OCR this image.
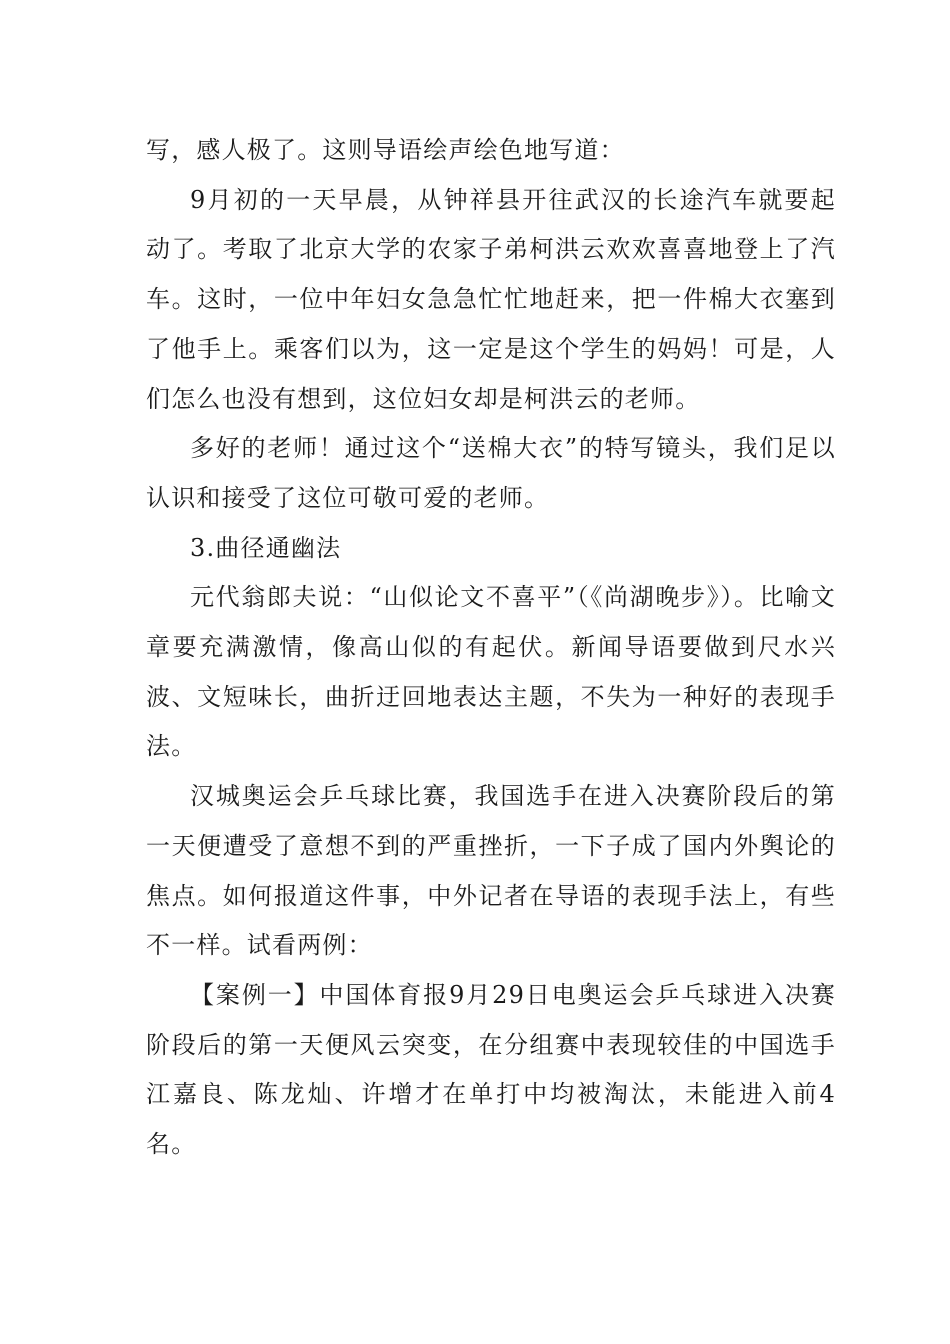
写，感人极了。这则导语绘声绘色地写道：

9月初的一天早晨，从钟祥县开往武汉的长途汽车就要起动了。考取了北京大学的农家子弟柯洪云欢欢喜喜地登上了汽车。这时，一位中年妇女急急忙忙地赶来，把一件棉大衣塞到了他手上。乘客们以为，这一定是这个学生的妈妈！可是，人们怎么也没有想到，这位妇女却是柯洪云的老师。

多好的老师！通过这个“送棉大衣”的特写镜头，我们足以认识和接受了这位可敬可爱的老师。

3.曲径通幽法

元代翁郎夫说：“山似论文不喜平”（《尚湖晚步》）。比喻文章要充满激情，像高山似的有起伏。新闻导语要做到尺水兴波、文短味长，曲折迂回地表达主题，不失为一种好的表现手法。

汉城奥运会乒乓球比赛，我国选手在进入决赛阶段后的第一天便遭受了意想不到的严重挫折，一下子成了国内外舆论的焦点。如何报道这件事，中外记者在导语的表现手法上，有些不一样。试看两例：

【案例一】中国体育报9月29日电奥运会乒乓球进入决赛阶段后的第一天便风云突变，在分组赛中表现较佳的中国选手江嘉良、陈龙灿、许增才在单打中均被淘汰，未能进入前4名。
